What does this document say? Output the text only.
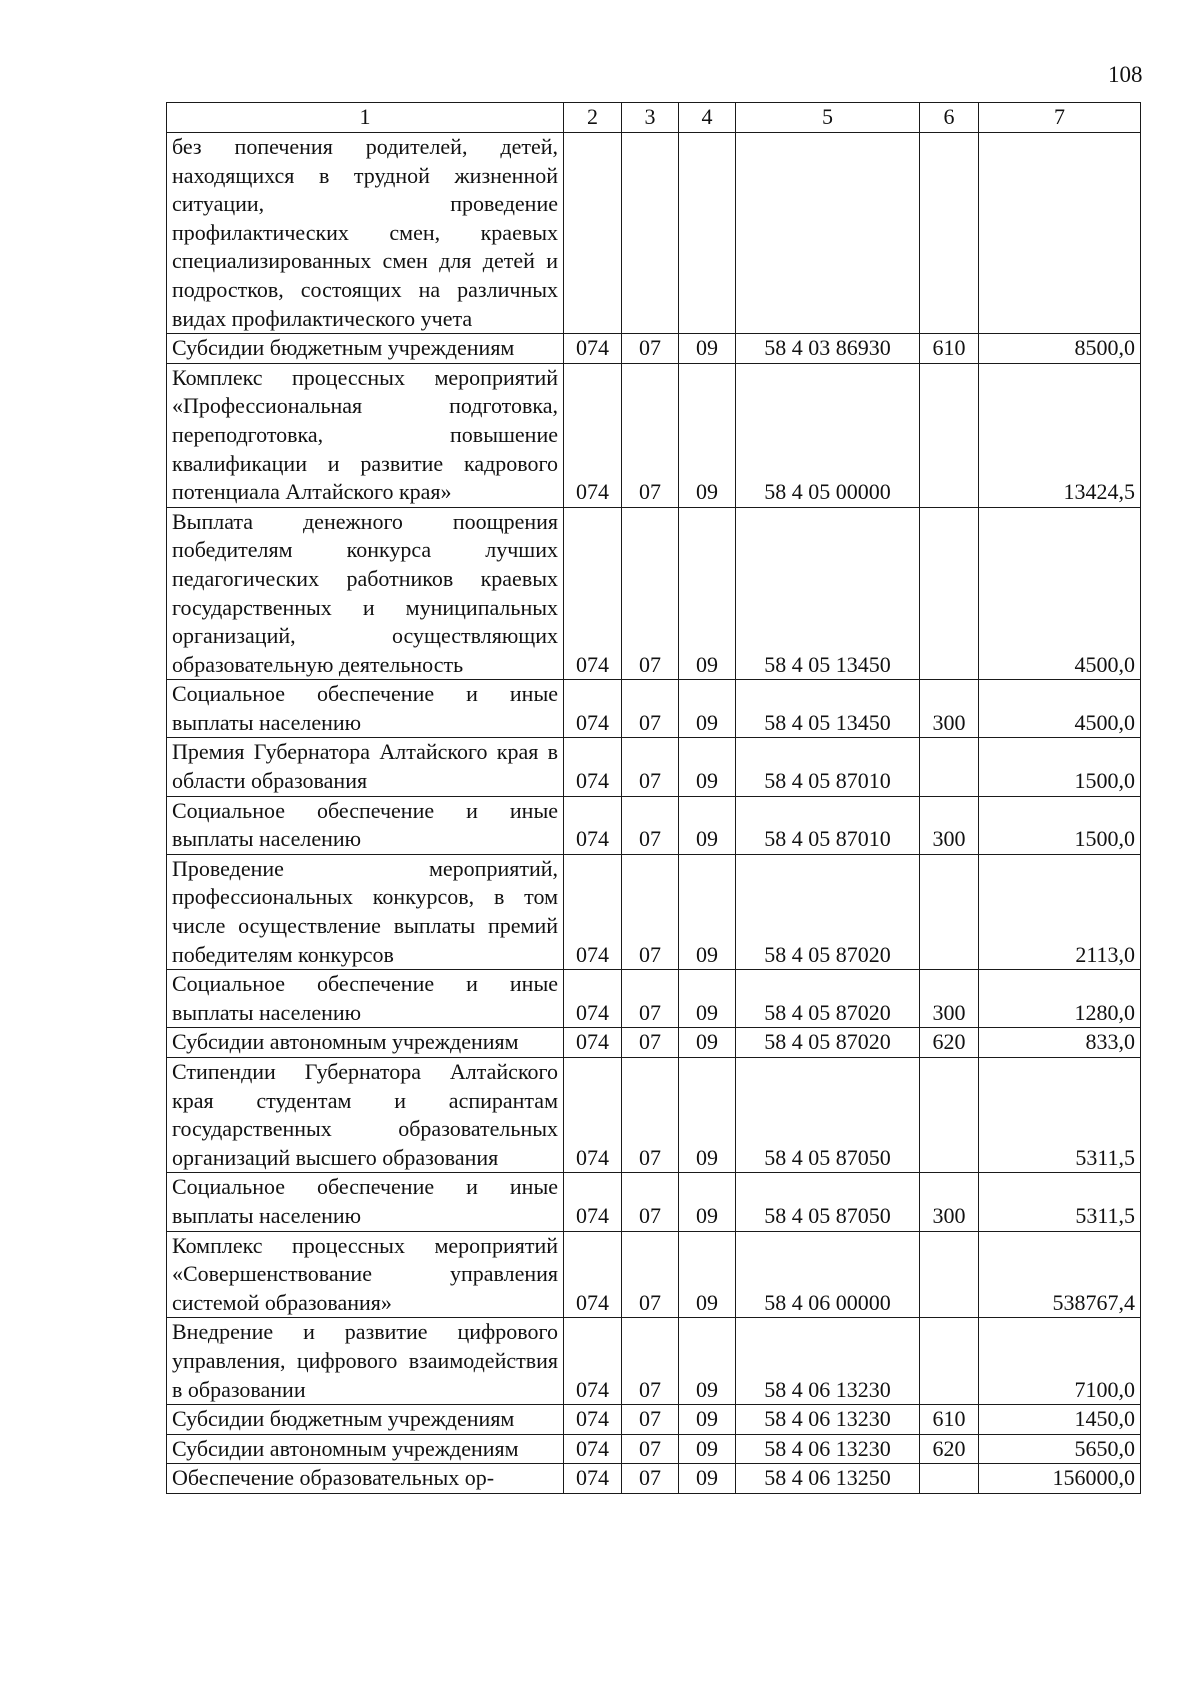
108
1	2	3	4	5	6	7
без попечения родителей, детей, находящихся в трудной жизненной ситуации, проведение профилактических смен, краевых специализированных смен для детей и подростков, состоящих на различных видах профилактического учета						
Субсидии бюджетным учреждениям	074	07	09	58 4 03 86930	610	8500,0
Комплекс процессных мероприятий «Профессиональная подготовка, переподготовка, повышение квалификации и развитие кадрового потенциала Алтайского края»	074	07	09	58 4 05 00000		13424,5
Выплата денежного поощрения победителям конкурса лучших педагогических работников краевых государственных и муниципальных организаций, осуществляющих образовательную деятельность	074	07	09	58 4 05 13450		4500,0
Социальное обеспечение и иные выплаты населению	074	07	09	58 4 05 13450	300	4500,0
Премия Губернатора Алтайского края в области образования	074	07	09	58 4 05 87010		1500,0
Социальное обеспечение и иные выплаты населению	074	07	09	58 4 05 87010	300	1500,0
Проведение мероприятий, профессиональных конкурсов, в том числе осуществление выплаты премий победителям конкурсов	074	07	09	58 4 05 87020		2113,0
Социальное обеспечение и иные выплаты населению	074	07	09	58 4 05 87020	300	1280,0
Субсидии автономным учреждениям	074	07	09	58 4 05 87020	620	833,0
Стипендии Губернатора Алтайского края студентам и аспирантам государственных образовательных организаций высшего образования	074	07	09	58 4 05 87050		5311,5
Социальное обеспечение и иные выплаты населению	074	07	09	58 4 05 87050	300	5311,5
Комплекс процессных мероприятий «Совершенствование управления системой образования»	074	07	09	58 4 06 00000		538767,4
Внедрение и развитие цифрового управления, цифрового взаимодействия в образовании	074	07	09	58 4 06 13230		7100,0
Субсидии бюджетным учреждениям	074	07	09	58 4 06 13230	610	1450,0
Субсидии автономным учреждениям	074	07	09	58 4 06 13230	620	5650,0
Обеспечение образовательных ор-	074	07	09	58 4 06 13250		156000,0
